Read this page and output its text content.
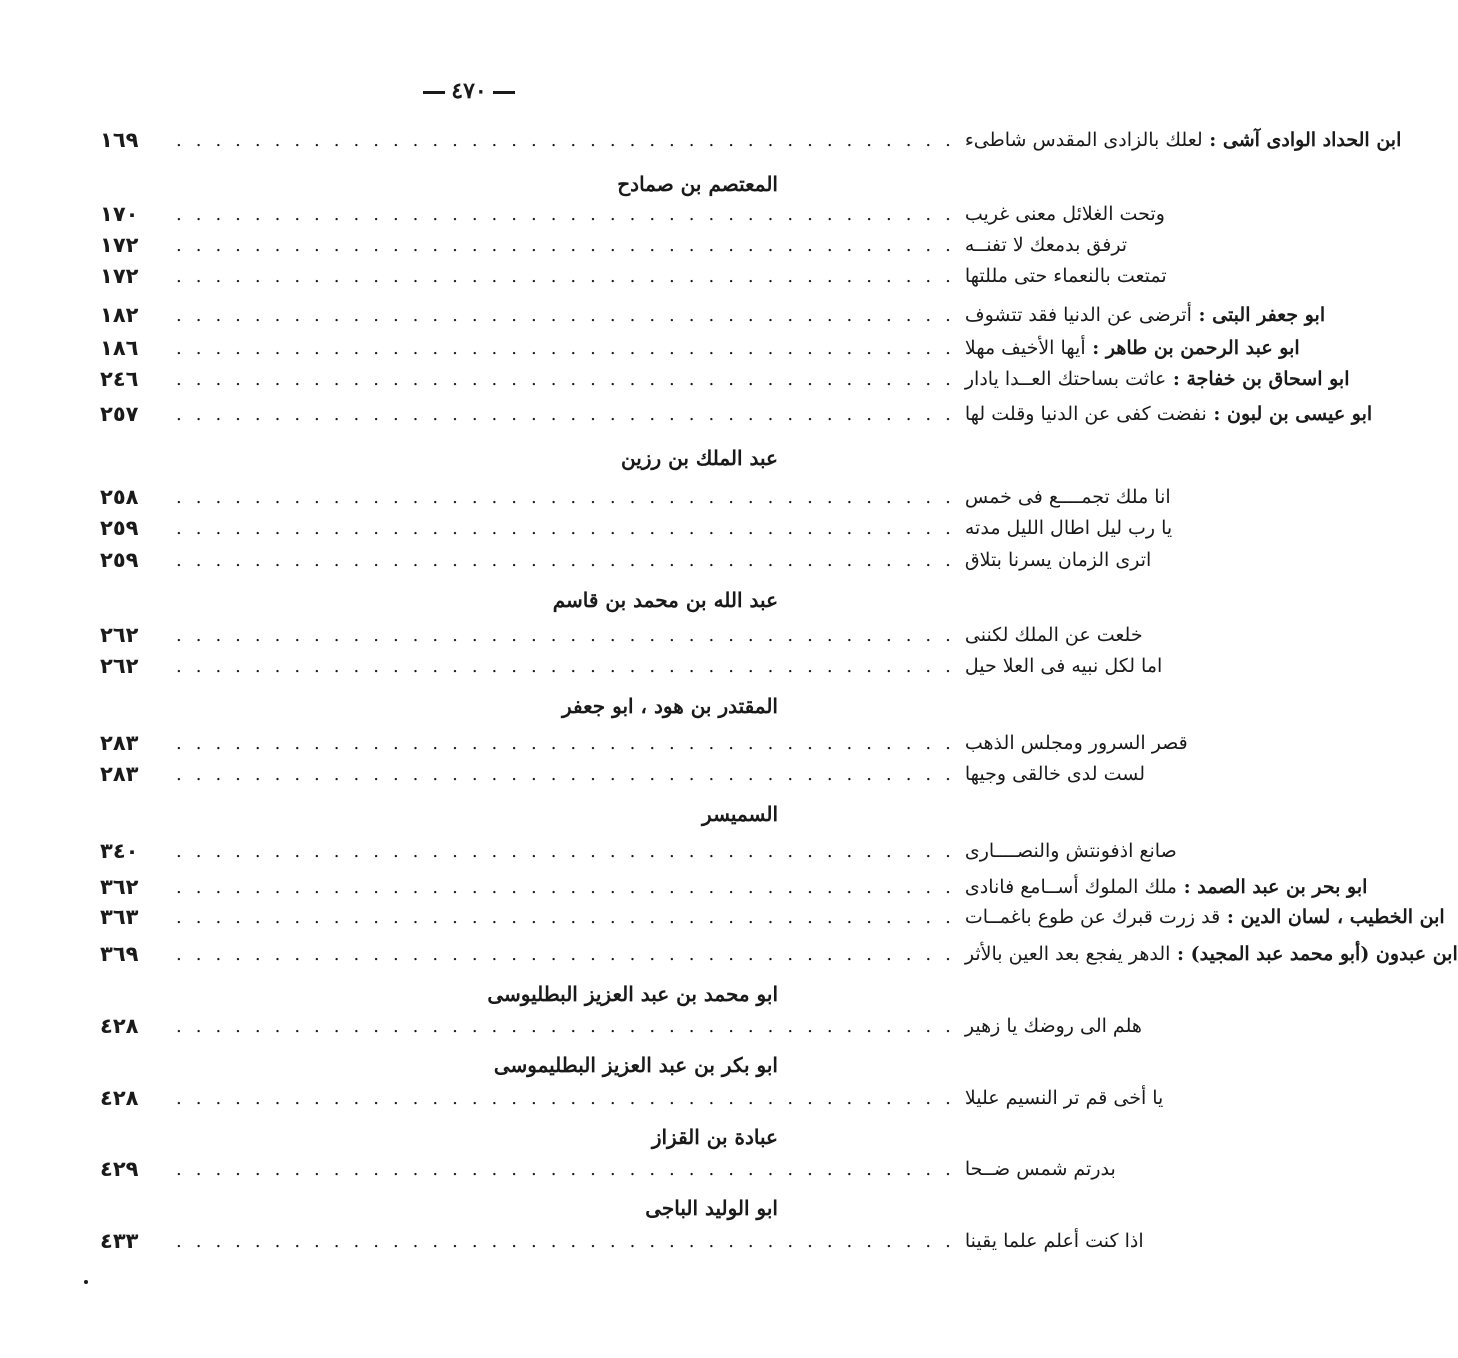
٤٧٠
١٦٩	........................................	ابن الحداد الوادى آشى : لعلك بالزادى المقدس شاطىء
المعتصم بن صمادح
١٧٠	........................................ وتحت الغلائل معنى غريب
١٧٢	........................................ ترفق بدمعك لا تفنــه
١٧٢	........................................ تمتعت بالنعماء حتى مللتها
١٨٢	........................................	ابو جعفر البتى : أترضى عن الدنيا فقد تتشوف
١٨٦	........................................	ابو عبد الرحمن بن طاهر : أيها الأخيف مهلا
٢٤٦	........................................	ابو اسحاق بن خفاجة : عاثت بساحتك العــدا يادار
٢٥٧	........................................	ابو عيسى بن لبون : نفضت كفى عن الدنيا وقلت لها
عبد الملك بن رزين
٢٥٨	........................................ انا ملك تجمــــع فى خمس
٢٥٩	........................................ يا رب ليل اطال الليل مدته
٢٥٩	........................................ اترى الزمان يسرنا بتلاق
عبد الله بن محمد بن قاسم
٢٦٢	........................................ خلعت عن الملك لكننى
٢٦٢	........................................ اما لكل نبيه فى العلا حيل
المقتدر بن هود ، ابو جعفر
٢٨٣	........................................ قصر السرور ومجلس الذهب
٢٨٣	........................................ لست لدى خالقى وجيها
السميسر
٣٤٠	........................................ صانع اذفونتش والنصــــارى
٣٦٢	........................................	ابو بحر بن عبد الصمد : ملك الملوك أســامع فانادى
٣٦٣	........................................	ابن الخطيب ، لسان الدين : قد زرت قبرك عن طوع باغمــات
٣٦٩	........................................	ابن عبدون (أبو محمد عبد المجيد) : الدهر يفجع بعد العين بالأثر
ابو محمد بن عبد العزيز البطليوسى
٤٢٨	........................................ هلم الى روضك يا زهير
ابو بكر بن عبد العزيز البطليموسى
٤٢٨	........................................ يا أخى قم تر النسيم عليلا
عبادة بن القزاز
٤٢٩	........................................ بدرتم شمس ضــحا
ابو الوليد الباجى
٤٣٣	........................................ اذا كنت أعلم علما يقينا
